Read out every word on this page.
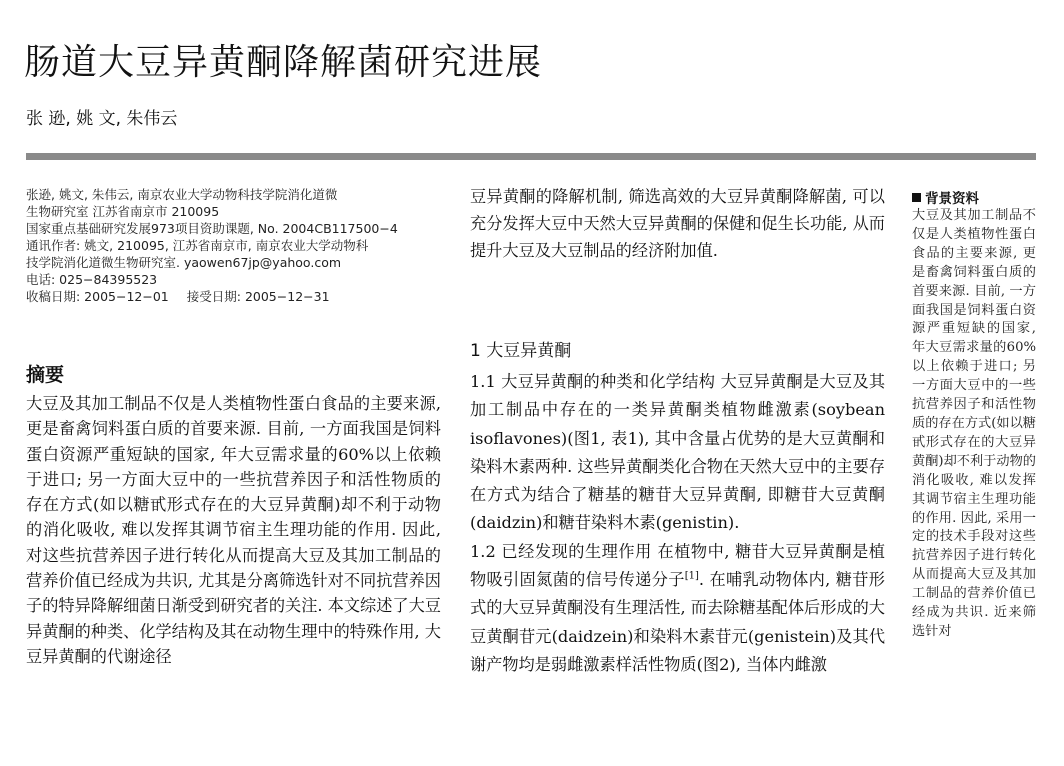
肠道大豆异黄酮降解菌研究进展
张 逊, 姚 文, 朱伟云
张逊, 姚文, 朱伟云, 南京农业大学动物科技学院消化道微
生物研究室 江苏省南京市 210095
国家重点基础研究发展973项目资助课题, No. 2004CB117500−4
通讯作者: 姚文, 210095, 江苏省南京市, 南京农业大学动物科
技学院消化道微生物研究室. yaowen67jp@yahoo.com
电话: 025−84395523
收稿日期: 2005−12−01 接受日期: 2005−12−31
摘要
大豆及其加工制品不仅是人类植物性蛋白食品的主要来源, 更是畜禽饲料蛋白质的首要来源. 目前, 一方面我国是饲料蛋白资源严重短缺的国家, 年大豆需求量的60%以上依赖于进口; 另一方面大豆中的一些抗营养因子和活性物质的存在方式(如以糖甙形式存在的大豆异黄酮)却不利于动物的消化吸收, 难以发挥其调节宿主生理功能的作用. 因此, 对这些抗营养因子进行转化从而提高大豆及其加工制品的营养价值已经成为共识, 尤其是分离筛选针对不同抗营养因子的特异降解细菌日渐受到研究者的关注. 本文综述了大豆异黄酮的种类、化学结构及其在动物生理中的特殊作用, 大豆异黄酮的代谢途径

豆异黄酮的降解机制, 筛选高效的大豆异黄酮降解菌, 可以充分发挥大豆中天然大豆异黄酮的保健和促生长功能, 从而提升大豆及大豆制品的经济附加值.

1 大豆异黄酮

1.1 大豆异黄酮的种类和化学结构 大豆异黄酮是大豆及其加工制品中存在的一类异黄酮类植物雌激素(soybean isoflavones)(图1, 表1), 其中含量占优势的是大豆黄酮和染料木素两种. 这些异黄酮类化合物在天然大豆中的主要存在方式为结合了糖基的糖苷大豆异黄酮, 即糖苷大豆黄酮(daidzin)和糖苷染料木素(genistin).

1.2 已经发现的生理作用 在植物中, 糖苷大豆异黄酮是植物吸引固氮菌的信号传递分子[1]. 在哺乳动物体内, 糖苷形式的大豆异黄酮没有生理活性, 而去除糖基配体后形成的大豆黄酮苷元(daidzein)和染料木素苷元(genistein)及其代谢产物均是弱雌激素样活性物质(图2), 当体内雌激

背景资料
大豆及其加工制品不仅是人类植物性蛋白食品的主要来源, 更是畜禽饲料蛋白质的首要来源. 目前, 一方面我国是饲料蛋白资源严重短缺的国家, 年大豆需求量的60%以上依赖于进口; 另一方面大豆中的一些抗营养因子和活性物质的存在方式(如以糖甙形式存在的大豆异黄酮)却不利于动物的消化吸收, 难以发挥其调节宿主生理功能的作用. 因此, 采用一定的技术手段对这些抗营养因子进行转化从而提高大豆及其加工制品的营养价值已经成为共识. 近来筛选针对
